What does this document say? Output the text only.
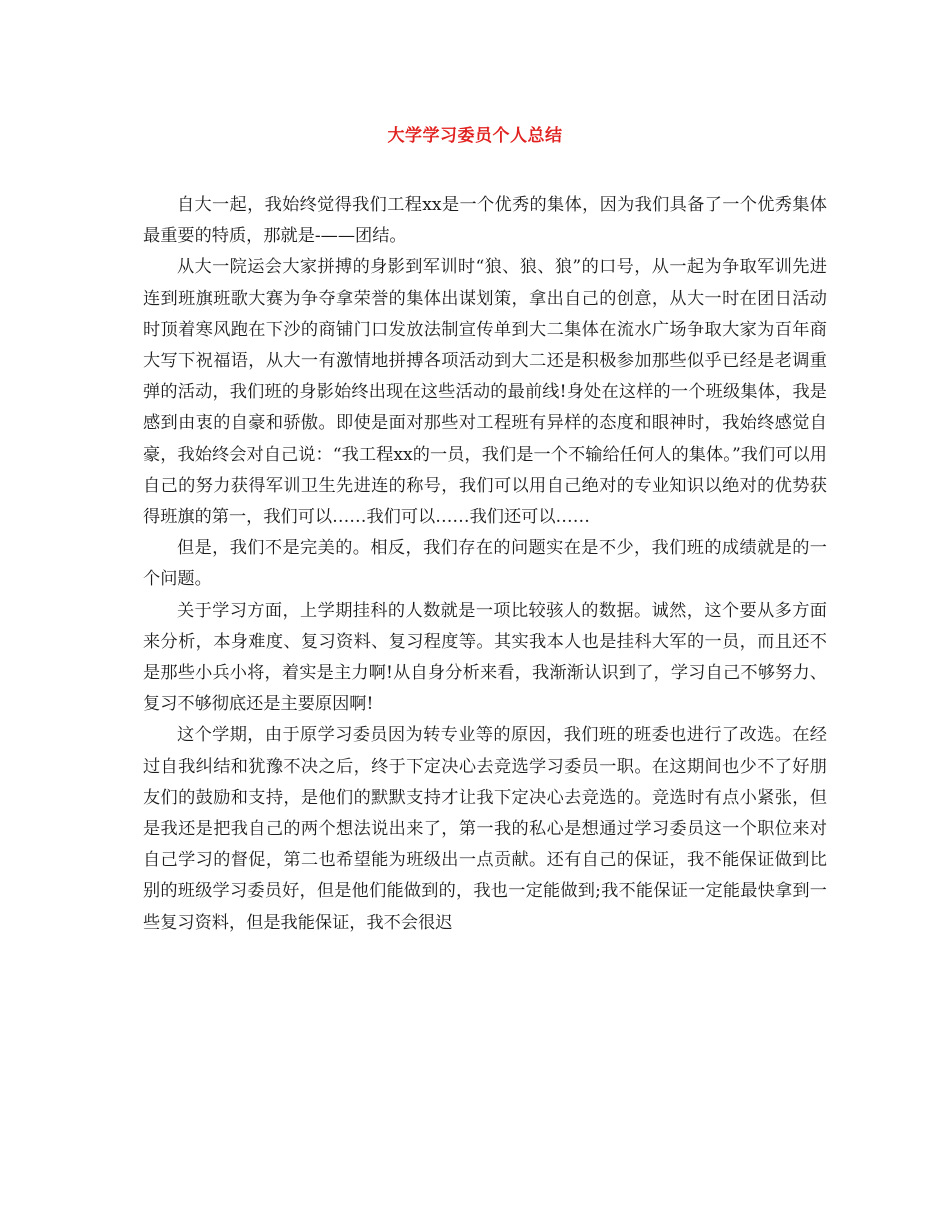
大学学习委员个人总结

自大一起，我始终觉得我们工程xx是一个优秀的集体，因为我们具备了一个优秀集体最重要的特质，那就是-——团结。

从大一院运会大家拼搏的身影到军训时“狼、狼、狼”的口号，从一起为争取军训先进连到班旗班歌大赛为争夺拿荣誉的集体出谋划策，拿出自己的创意，从大一时在团日活动时顶着寒风跑在下沙的商铺门口发放法制宣传单到大二集体在流水广场争取大家为百年商大写下祝福语，从大一有激情地拼搏各项活动到大二还是积极参加那些似乎已经是老调重弹的活动，我们班的身影始终出现在这些活动的最前线!身处在这样的一个班级集体，我是感到由衷的自豪和骄傲。即使是面对那些对工程班有异样的态度和眼神时，我始终感觉自豪，我始终会对自己说：“我工程xx的一员，我们是一个不输给任何人的集体。”我们可以用自己的努力获得军训卫生先进连的称号，我们可以用自己绝对的专业知识以绝对的优势获得班旗的第一，我们可以……我们可以……我们还可以……

但是，我们不是完美的。相反，我们存在的问题实在是不少，我们班的成绩就是的一个问题。

关于学习方面，上学期挂科的人数就是一项比较骇人的数据。诚然，这个要从多方面来分析，本身难度、复习资料、复习程度等。其实我本人也是挂科大军的一员，而且还不是那些小兵小将，着实是主力啊!从自身分析来看，我渐渐认识到了，学习自己不够努力、复习不够彻底还是主要原因啊!

这个学期，由于原学习委员因为转专业等的原因，我们班的班委也进行了改选。在经过自我纠结和犹豫不决之后，终于下定决心去竞选学习委员一职。在这期间也少不了好朋友们的鼓励和支持，是他们的默默支持才让我下定决心去竞选的。竞选时有点小紧张，但是我还是把我自己的两个想法说出来了，第一我的私心是想通过学习委员这一个职位来对自己学习的督促，第二也希望能为班级出一点贡献。还有自己的保证，我不能保证做到比别的班级学习委员好，但是他们能做到的，我也一定能做到;我不能保证一定能最快拿到一些复习资料，但是我能保证，我不会很迟
